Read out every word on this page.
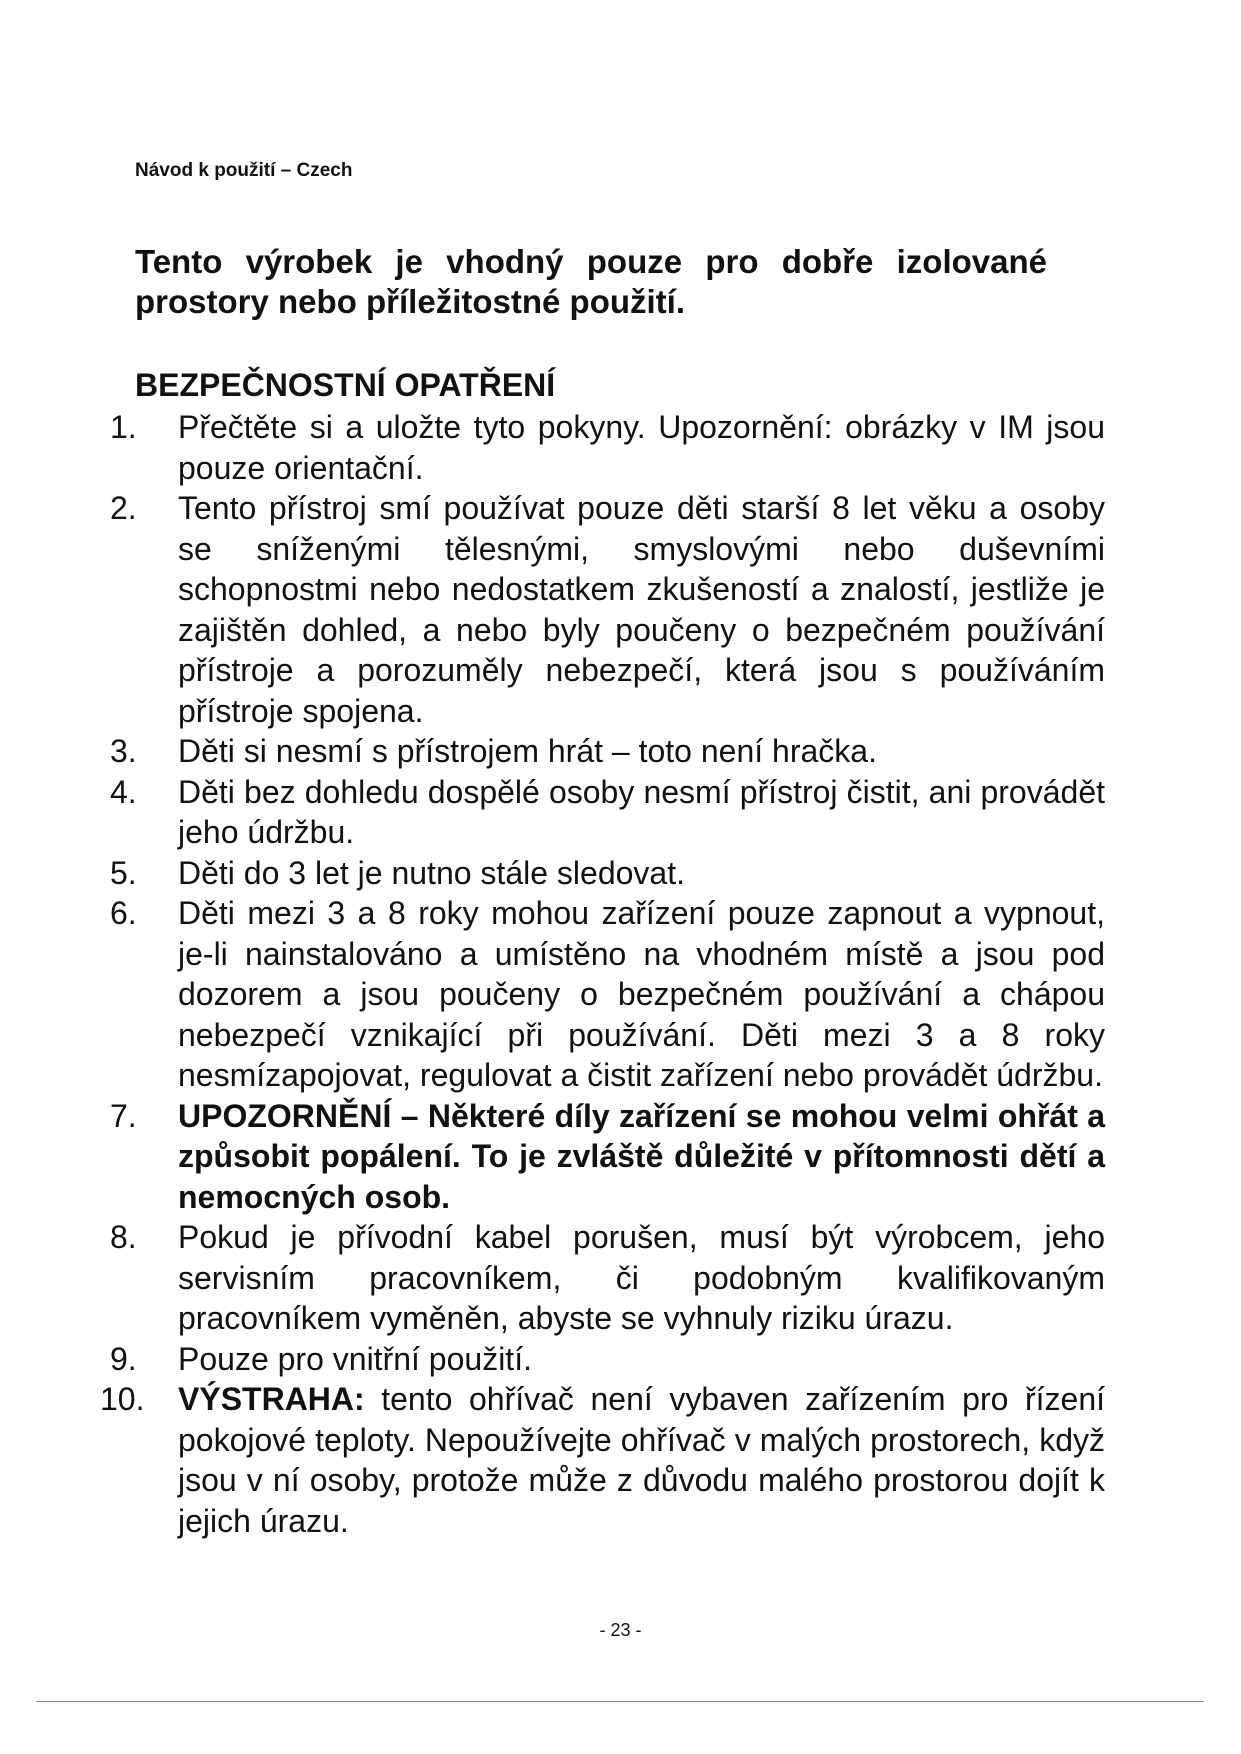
Návod k použití – Czech
Tento výrobek je vhodný pouze pro dobře izolované prostory nebo příležitostné použití.
BEZPEČNOSTNÍ OPATŘENÍ
1.	Přečtěte si a uložte tyto pokyny. Upozornění: obrázky v IM jsou pouze orientační.
2.	Tento přístroj smí používat pouze děti starší 8 let věku a osoby se sníženými tělesnými, smyslovými nebo duševními schopnostmi nebo nedostatkem zkušeností a znalostí, jestliže je zajištěn dohled, a nebo byly poučeny o bezpečném používání přístroje a porozuměly nebezpečí, která jsou s používáním přístroje spojena.
3.	Děti si nesmí s přístrojem hrát – toto není hračka.
4.	Děti bez dohledu dospělé osoby nesmí přístroj čistit, ani provádět jeho údržbu.
5.	Děti do 3 let je nutno stále sledovat.
6.	Děti mezi 3 a 8 roky mohou zařízení pouze zapnout a vypnout, je-li nainstalováno a umístěno na vhodném místě a jsou pod dozorem a jsou poučeny o bezpečném používání a chápou nebezpečí vznikající při používání. Děti mezi 3 a 8 roky nesmízapojovat, regulovat a čistit zařízení nebo provádět údržbu.
7.	UPOZORNĚNÍ – Některé díly zařízení se mohou velmi ohřát a způsobit popálení. To je zvláště důležité v přítomnosti dětí a nemocných osob.
8.	Pokud je přívodní kabel porušen, musí být výrobcem, jeho servisním pracovníkem, či podobným kvalifikovaným pracovníkem vyměněn, abyste se vyhnuly riziku úrazu.
9.	Pouze pro vnitřní použití.
10. VÝSTRAHA: tento ohřívač není vybaven zařízením pro řízení pokojové teploty. Nepoužívejte ohřívač v malých prostorech, když jsou v ní osoby, protože může z důvodu malého prostorou dojít k jejich úrazu.
- 23 -
